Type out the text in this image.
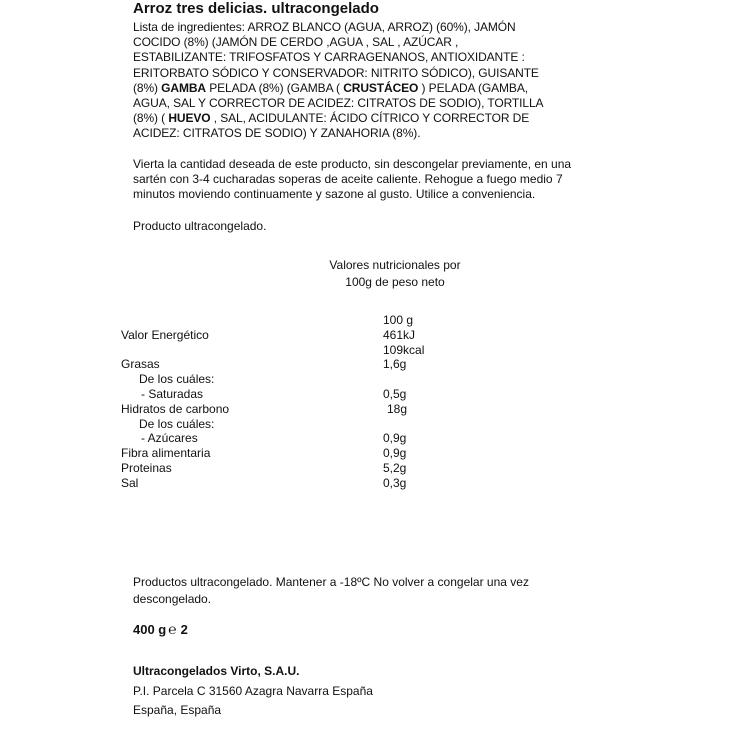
Arroz tres delicias. ultracongelado
Lista de ingredientes: ARROZ BLANCO (AGUA, ARROZ) (60%), JAMÓN
COCIDO (8%) (JAMÓN DE CERDO ,AGUA , SAL , AZÚCAR ,
ESTABILIZANTE: TRIFOSFATOS Y CARRAGENANOS, ANTIOXIDANTE :
ERITORBATO SÓDICO Y CONSERVADOR: NITRITO SÓDICO), GUISANTE
(8%) GAMBA PELADA (8%) (GAMBA ( CRUSTÁCEO ) PELADA (GAMBA,
AGUA, SAL Y CORRECTOR DE ACIDEZ: CITRATOS DE SODIO), TORTILLA
(8%) ( HUEVO , SAL, ACIDULANTE: ÁCIDO CÍTRICO Y CORRECTOR DE
ACIDEZ: CITRATOS DE SODIO) Y ZANAHORIA (8%).
Vierta la cantidad deseada de este producto, sin descongelar previamente, en una
sartén con 3-4 cucharadas soperas de aceite caliente. Rehogue a fuego medio 7
minutos moviendo continuamente y sazone al gusto. Utilice a conveniencia.
Producto ultracongelado.
Valores nutricionales por
100g de peso neto
100 g
Valor Energético	461kJ
109kcal
Grasas	1,6g
De los cuáles:
- Saturadas	0,5g
Hidratos de carbono	18g
De los cuáles:
- Azúcares	0,9g
Fibra alimentaria	0,9g
Proteinas	5,2g
Sal	0,3g
Productos ultracongelado. Mantener a -18ºC No volver a congelar una vez
descongelado.
400 g ℮ 2
Ultracongelados Virto, S.A.U.
P.I. Parcela C 31560 Azagra Navarra España
España, España
